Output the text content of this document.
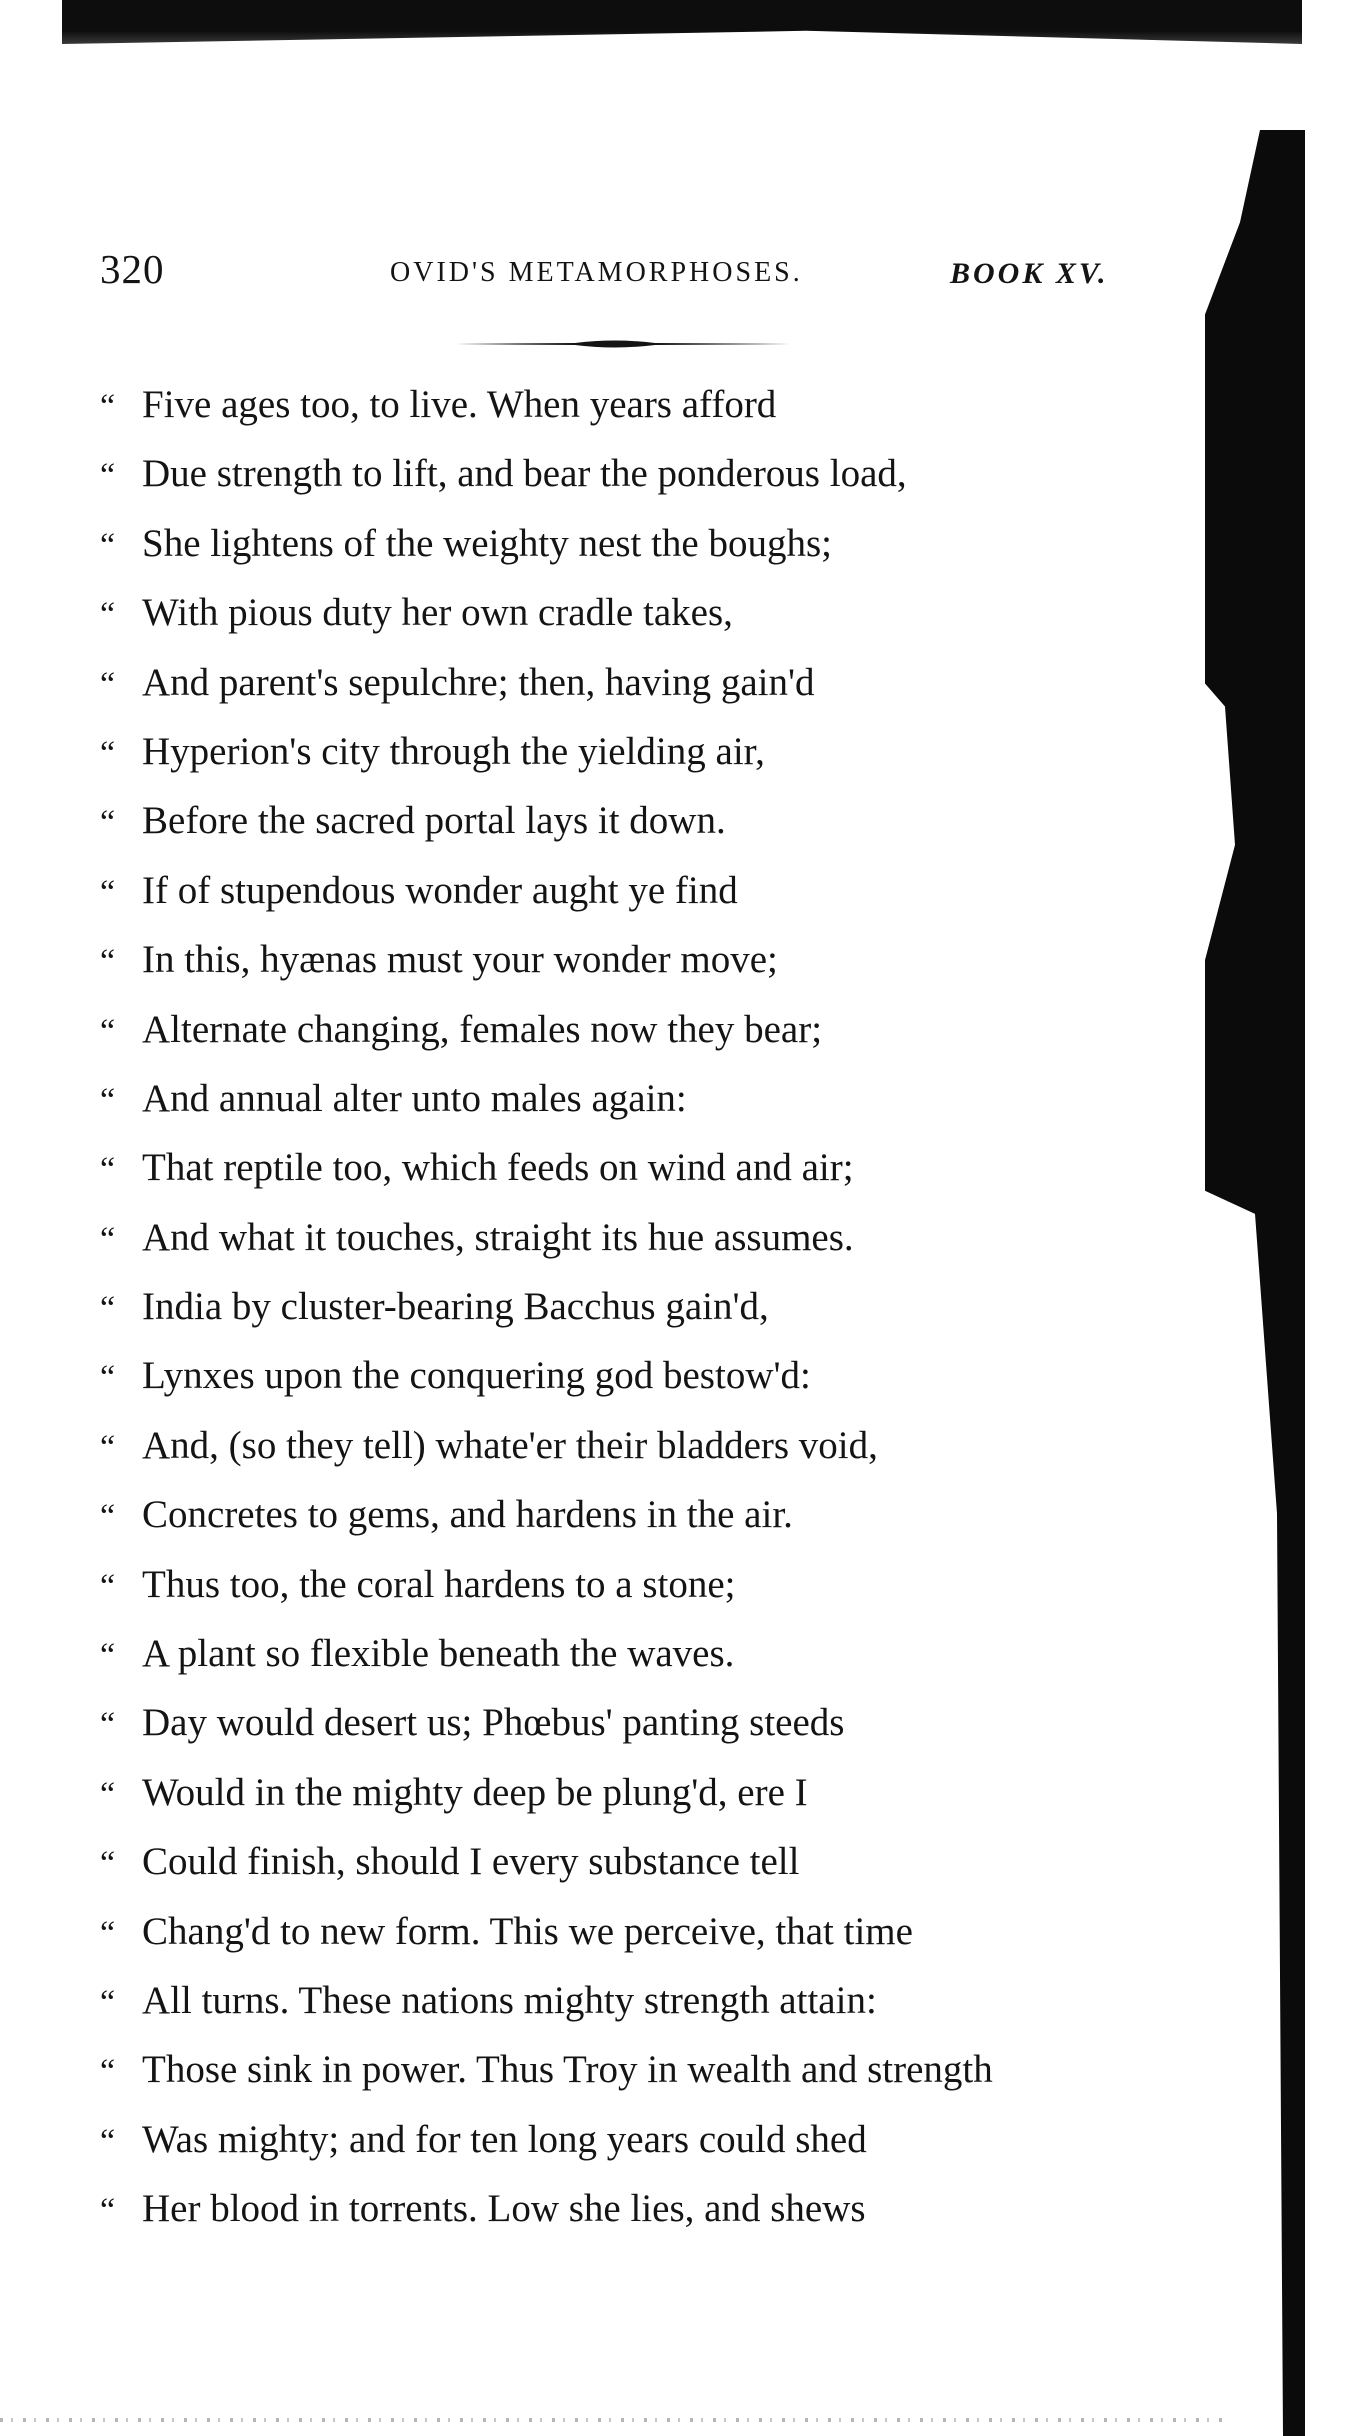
320	OVID'S METAMORPHOSES.	BOOK XV.
“ Five ages too, to live. When years afford
“ Due strength to lift, and bear the ponderous load,
“ She lightens of the weighty nest the boughs;
“ With pious duty her own cradle takes,
“ And parent's sepulchre; then, having gain'd
“ Hyperion's city through the yielding air,
“ Before the sacred portal lays it down.
“ If of stupendous wonder aught ye find
“ In this, hyænas must your wonder move;
“ Alternate changing, females now they bear;
“ And annual alter unto males again:
“ That reptile too, which feeds on wind and air;
“ And what it touches, straight its hue assumes.
“ India by cluster-bearing Bacchus gain'd,
“ Lynxes upon the conquering god bestow'd:
“ And, (so they tell) whate'er their bladders void,
“ Concretes to gems, and hardens in the air.
“ Thus too, the coral hardens to a stone;
“ A plant so flexible beneath the waves.
“ Day would desert us; Phœbus' panting steeds
“ Would in the mighty deep be plung'd, ere I
“ Could finish, should I every substance tell
“ Chang'd to new form. This we perceive, that time
“ All turns. These nations mighty strength attain:
“ Those sink in power. Thus Troy in wealth and strength
“ Was mighty; and for ten long years could shed
“ Her blood in torrents. Low she lies, and shews
